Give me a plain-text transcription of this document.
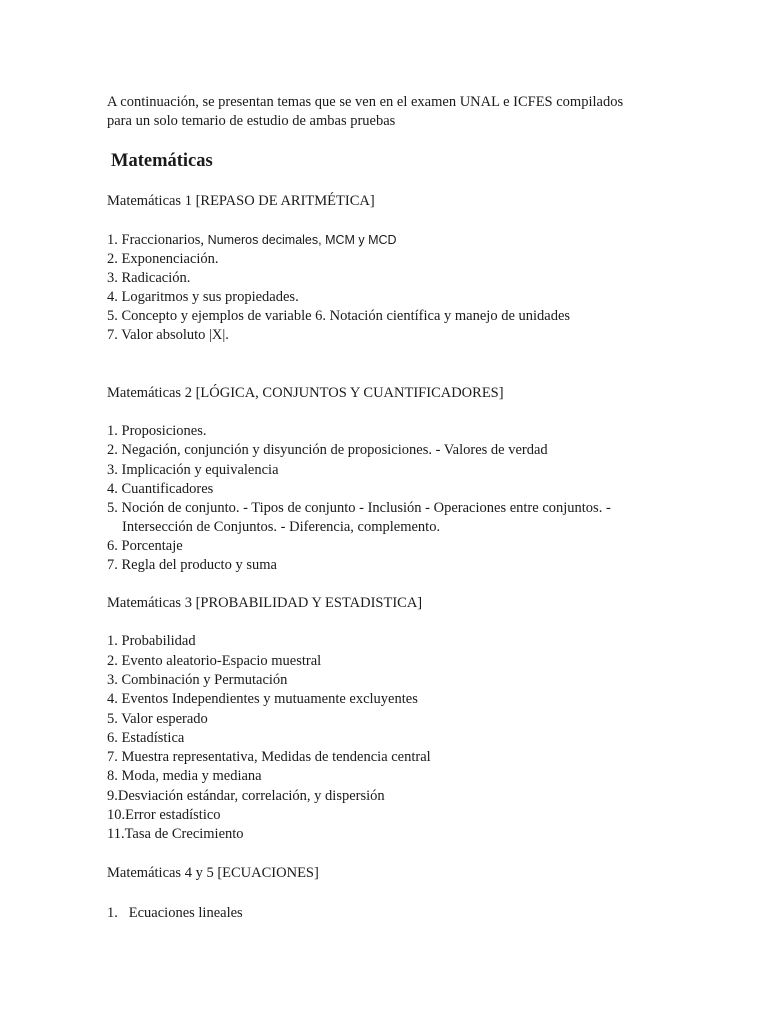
A continuación, se presentan temas que se ven en el examen UNAL e ICFES compilados
para un solo temario de estudio de ambas pruebas
Matemáticas
Matemáticas 1 [REPASO DE ARITMÉTICA]
1. Fraccionarios, Numeros decimales, MCM y MCD
2. Exponenciación.
3. Radicación.
4. Logaritmos y sus propiedades.
5. Concepto y ejemplos de variable 6. Notación científica y manejo de unidades
7. Valor absoluto |X|.
Matemáticas 2 [LÓGICA, CONJUNTOS Y CUANTIFICADORES]
1. Proposiciones.
2. Negación, conjunción y disyunción de proposiciones. - Valores de verdad
3. Implicación y equivalencia
4. Cuantificadores
5. Noción de conjunto. - Tipos de conjunto - Inclusión - Operaciones entre conjuntos. -
Intersección de Conjuntos. - Diferencia, complemento.
6. Porcentaje
7. Regla del producto y suma
Matemáticas 3 [PROBABILIDAD Y ESTADISTICA]
1. Probabilidad
2. Evento aleatorio-Espacio muestral
3. Combinación y Permutación
4. Eventos Independientes y mutuamente excluyentes
5. Valor esperado
6. Estadística
7. Muestra representativa, Medidas de tendencia central
8. Moda, media y mediana
9.Desviación estándar, correlación, y dispersión
10.Error estadístico
11.Tasa de Crecimiento
Matemáticas 4 y 5 [ECUACIONES]
1.   Ecuaciones lineales
